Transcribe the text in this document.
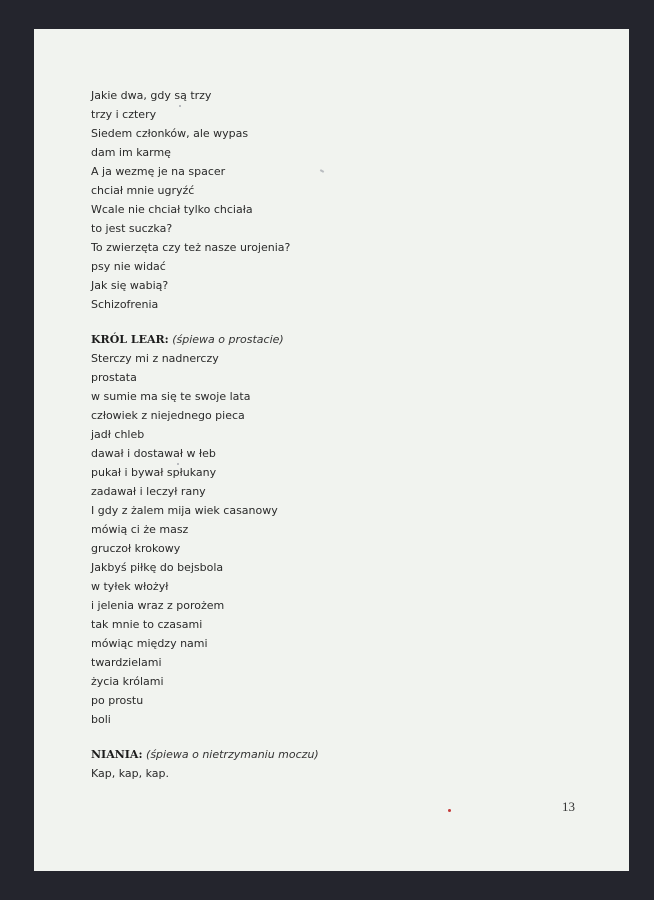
Jakie dwa, gdy są trzy
trzy i cztery
Siedem członków, ale wypas
dam im karmę
A ja wezmę je na spacer
chciał mnie ugryźć
Wcale nie chciał tylko chciała
to jest suczka?
To zwierzęta czy też nasze urojenia?
psy nie widać
Jak się wabią?
Schizofrenia
KRÓL LEAR: (śpiewa o prostacie)
Sterczy mi z nadnerczy
prostata
w sumie ma się te swoje lata
człowiek z niejednego pieca
jadł chleb
dawał i dostawał w łeb
pukał i bywał spłukany
zadawał i leczył rany
I gdy z żalem mija wiek casanowy
mówią ci że masz
gruczoł krokowy
Jakbyś piłkę do bejsbola
w tyłek włożył
i jelenia wraz z porożem
tak mnie to czasami
mówiąc między nami
twardzielami
życia królami
po prostu
boli
NIANIA: (śpiewa o nietrzymaniu moczu)
Kap, kap, kap.
13
